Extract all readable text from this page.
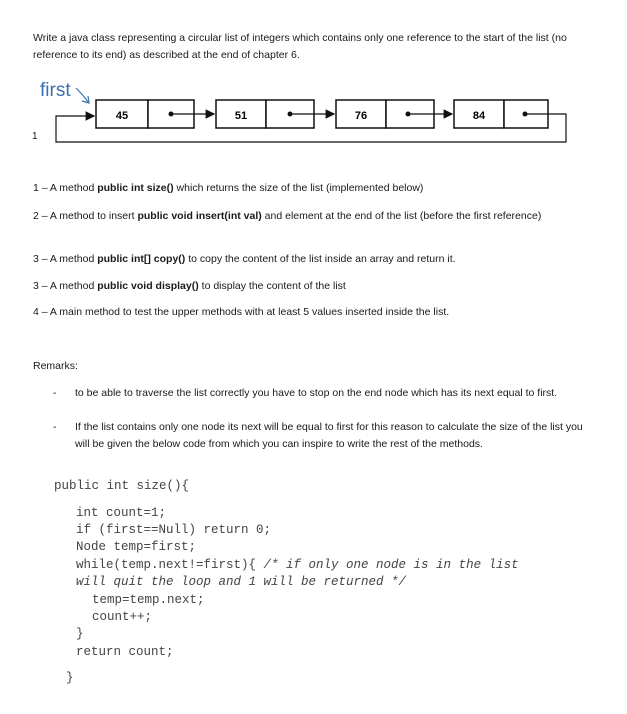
Write a java class representing a circular list of integers which contains only one reference to the start of the list (no reference to its end) as described at the end of chapter 6.
first
1
45	51	76	84
1 – A method public int size() which returns the size of the list (implemented below)
2 – A method to insert public void insert(int val) and element at the end of the list (before the first reference)
3 – A method public int[] copy() to copy the content of the list inside an array and return it.
3 – A method public void display() to display the content of the list
4 – A main method to test the upper methods with at least 5 values inserted inside the list.
Remarks:
- to be able to traverse the list correctly you have to stop on the end node which has its next equal to first.
- If the list contains only one node its next will be equal to first for this reason to calculate the size of the list you will be given the below code from which you can inspire to write the rest of the methods.
public int size(){
int count=1;
if (first==Null) return 0;
Node temp=first;
while(temp.next!=first){ /* if only one node is in the list
will quit the loop and 1 will be returned */
temp=temp.next;
count++;
}
return count;
}
